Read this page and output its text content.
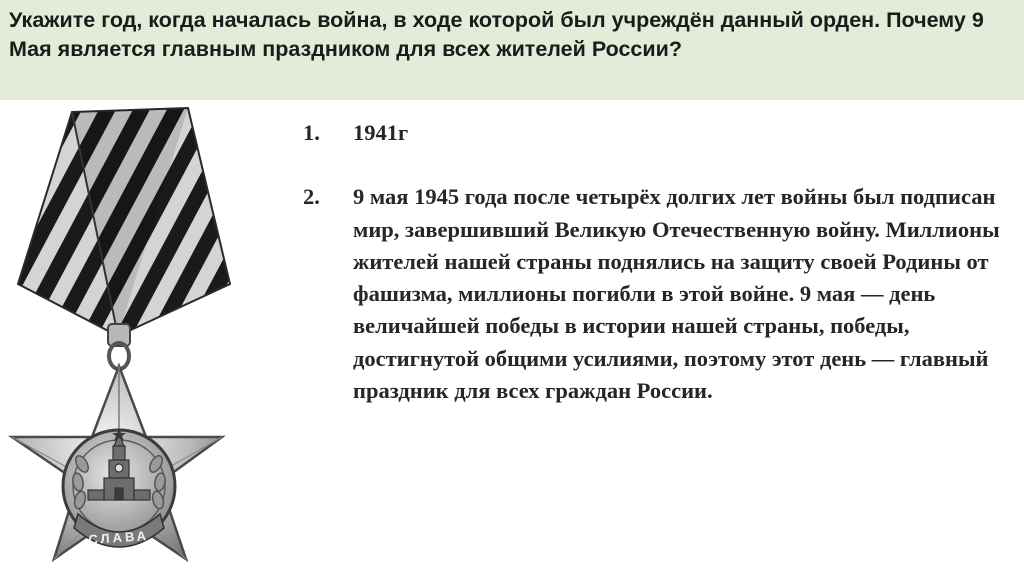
Укажите год, когда началась война, в ходе которой был учреждён данный орден. Почему 9 Мая является главным праздником для всех жителей России?

СЛАВА
1.	1941г
2.	9 мая 1945 года после четырёх долгих лет войны был подписан мир, завершивший Великую Отечественную войну. Миллионы жителей нашей страны поднялись на защиту своей Родины от фашизма, миллионы погибли в этой войне. 9 мая — день величайшей победы в истории нашей страны, победы, достигнутой общими усилиями, поэтому этот день — главный праздник для всех граждан России.
